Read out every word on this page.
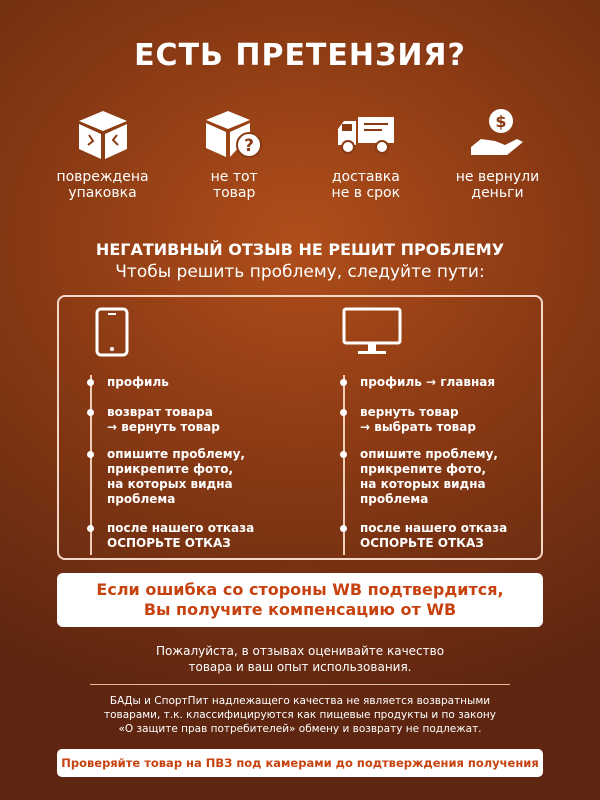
ЕСТЬ ПРЕТЕНЗИЯ?
повреждена
упаковка
?
не тот
товар
доставка
не в срок
$
не вернули
деньги
НЕГАТИВНЫЙ ОТЗЫВ НЕ РЕШИТ ПРОБЛЕМУ
Чтобы решить проблему, следуйте пути:
профиль
возврат товара
→ вернуть товар
опишите проблему,
прикрепите фото,
на которых видна
проблема
после нашего отказа
ОСПОРЬТЕ ОТКАЗ
профиль → главная
вернуть товар
→ выбрать товар
опишите проблему,
прикрепите фото,
на которых видна
проблема
после нашего отказа
ОСПОРЬТЕ ОТКАЗ
Если ошибка со стороны WB подтвердится,
Вы получите компенсацию от WB
Пожалуйста, в отзывах оценивайте качество
товара и ваш опыт использования.
БАДы и СпортПит надлежащего качества не является возвратными
товарами, т.к. классифицируются как пищевые продукты и по закону
«О защите прав потребителей» обмену и возврату не подлежат.
Проверяйте товар на ПВЗ под камерами до подтверждения получения
